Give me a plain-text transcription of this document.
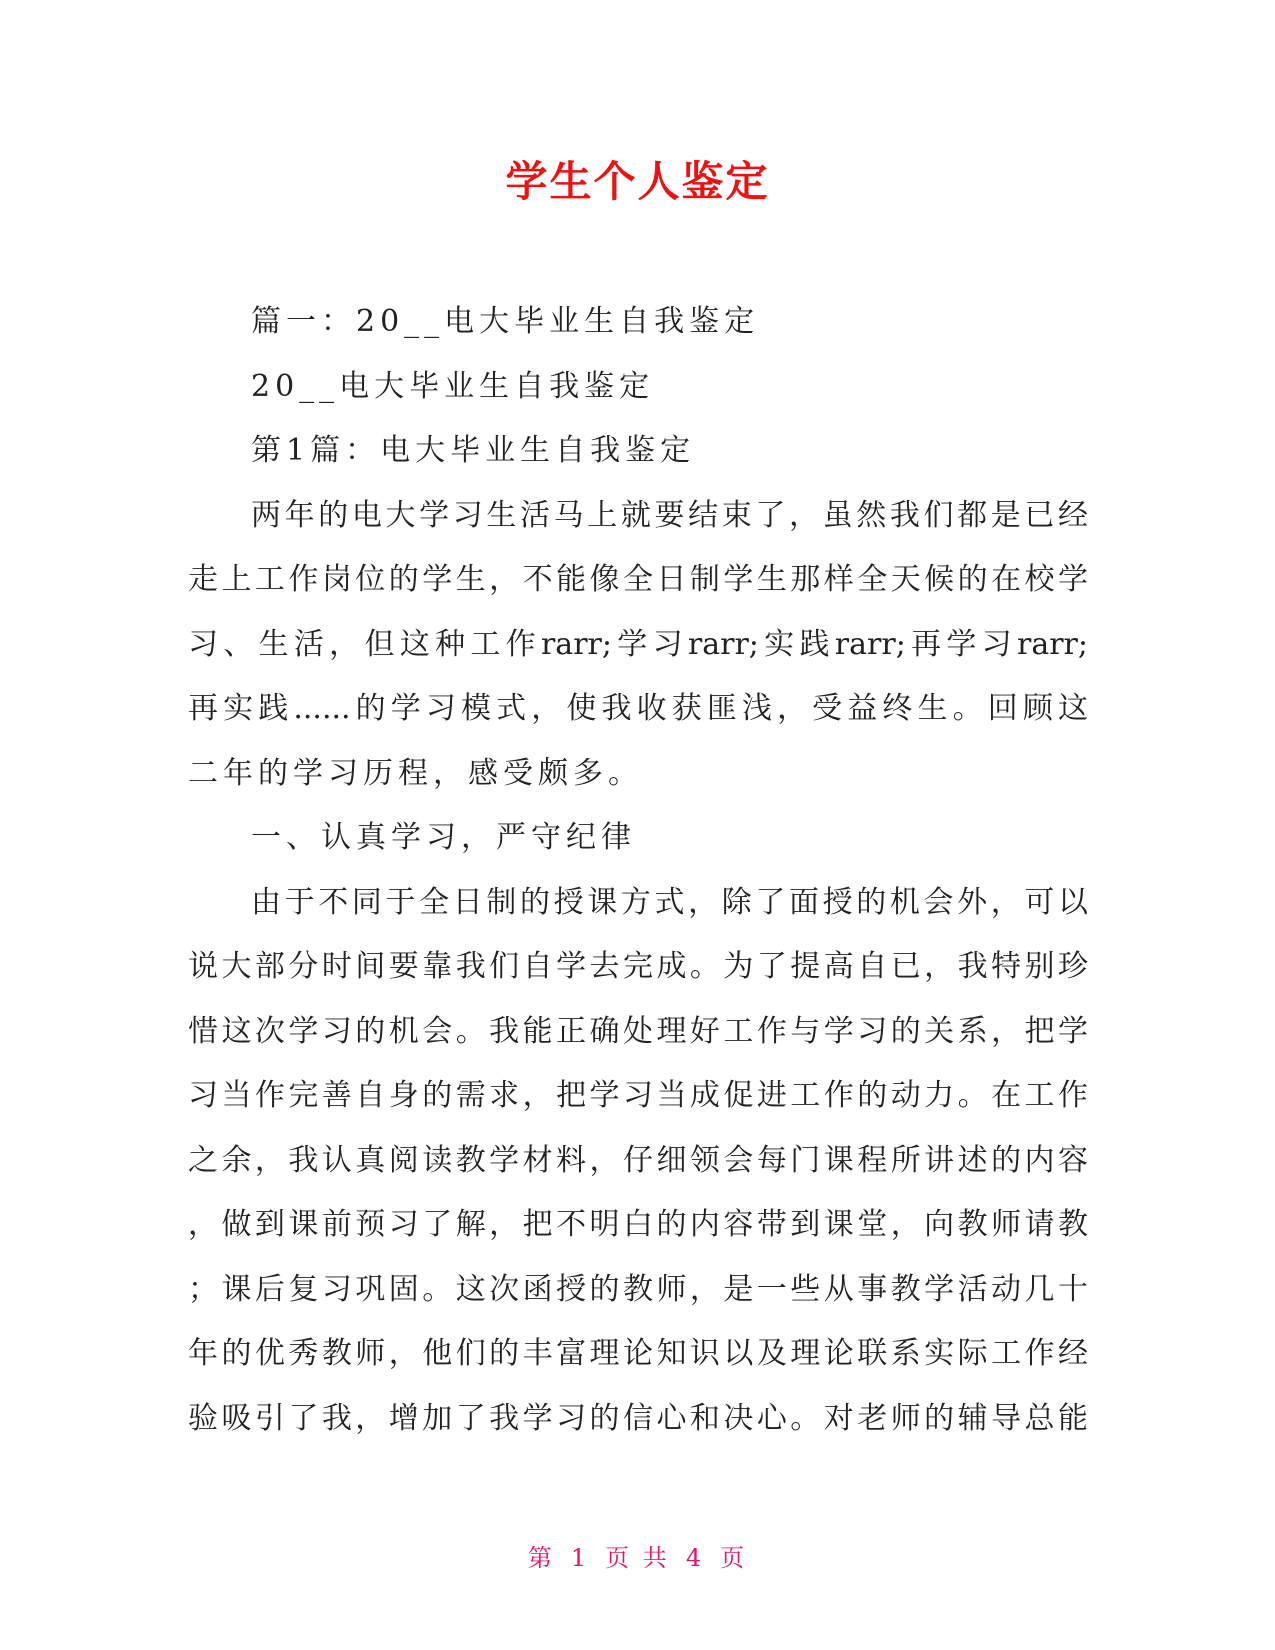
学生个人鉴定
篇一：20__电大毕业生自我鉴定
20__电大毕业生自我鉴定
第1篇：电大毕业生自我鉴定
两年的电大学习生活马上就要结束了，虽然我们都是已经
走上工作岗位的学生，不能像全日制学生那样全天候的在校学
习、生活，但这种工作rarr;学习rarr;实践rarr;再学习rarr;
再实践......的学习模式，使我收获匪浅，受益终生。回顾这
二年的学习历程，感受颇多。
一、认真学习，严守纪律
由于不同于全日制的授课方式，除了面授的机会外，可以
说大部分时间要靠我们自学去完成。为了提高自已，我特别珍
惜这次学习的机会。我能正确处理好工作与学习的关系，把学
习当作完善自身的需求，把学习当成促进工作的动力。在工作
之余，我认真阅读教学材料，仔细领会每门课程所讲述的内容
，做到课前预习了解，把不明白的内容带到课堂，向教师请教
；课后复习巩固。这次函授的教师，是一些从事教学活动几十
年的优秀教师，他们的丰富理论知识以及理论联系实际工作经
验吸引了我，增加了我学习的信心和决心。对老师的辅导总能
第 1 页 共 4 页
